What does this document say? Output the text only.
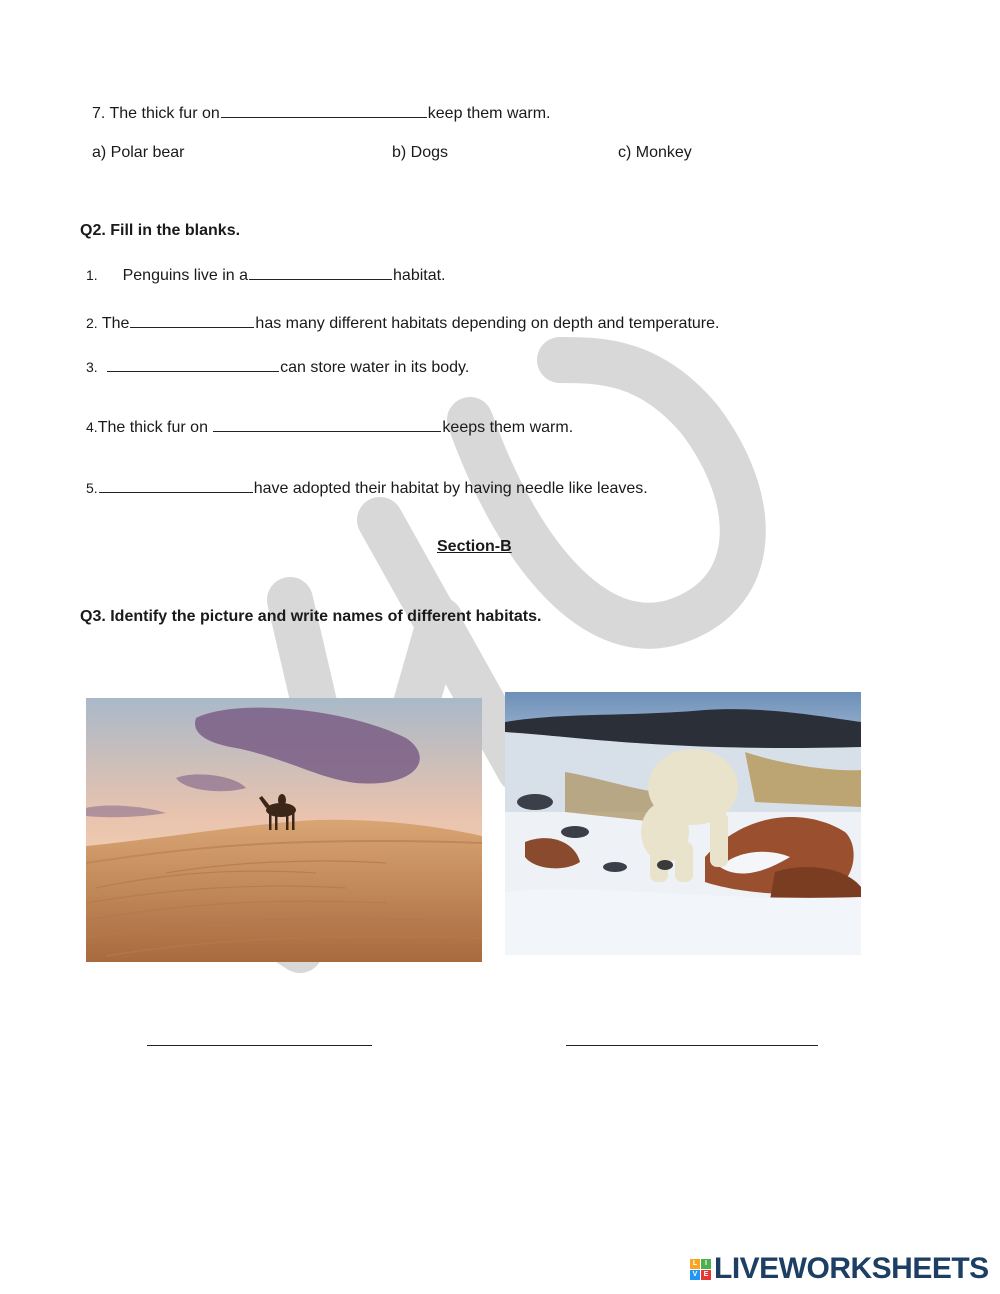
7. The thick fur on	keep them warm.
a) Polar bear	b) Dogs	c) Monkey
Q2. Fill in the blanks.
1. Penguins live in a	habitat.
2. The	has many different habitats depending on depth and temperature.
3.	can store water in its body.
4.The thick fur on	keeps them warm.
5.	have adopted their habitat by having needle like leaves.
Section-B
Q3. Identify the picture and write names of different habitats.
L	I
V E LIVEWORKSHEETS
